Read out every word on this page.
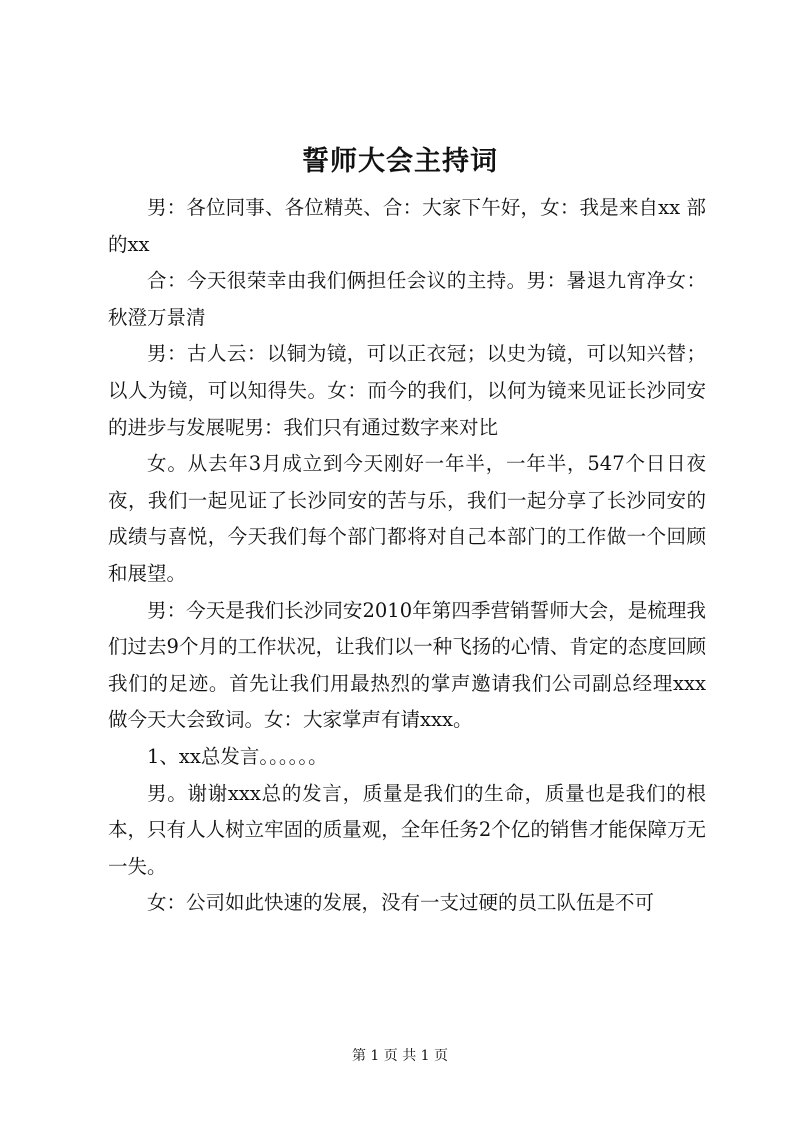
誓师大会主持词

男：各位同事、各位精英、合：大家下午好，女：我是来自xx 部的xx

合：今天很荣幸由我们俩担任会议的主持。男：暑退九宵净女：秋澄万景清

男：古人云：以铜为镜，可以正衣冠；以史为镜，可以知兴替；以人为镜，可以知得失。女：而今的我们，以何为镜来见证长沙同安的进步与发展呢男：我们只有通过数字来对比

女。从去年3月成立到今天刚好一年半，一年半，547个日日夜夜，我们一起见证了长沙同安的苦与乐，我们一起分享了长沙同安的成绩与喜悦，今天我们每个部门都将对自己本部门的工作做一个回顾和展望。

男：今天是我们长沙同安2010年第四季营销誓师大会，是梳理我们过去9个月的工作状况，让我们以一种飞扬的心情、肯定的态度回顾我们的足迹。首先让我们用最热烈的掌声邀请我们公司副总经理xxx做今天大会致词。女：大家掌声有请xxx。

1、xx总发言。。。。。。

男。谢谢xxx总的发言，质量是我们的生命，质量也是我们的根本，只有人人树立牢固的质量观，全年任务2个亿的销售才能保障万无一失。

女：公司如此快速的发展，没有一支过硬的员工队伍是不可

第 1 页 共 1 页
